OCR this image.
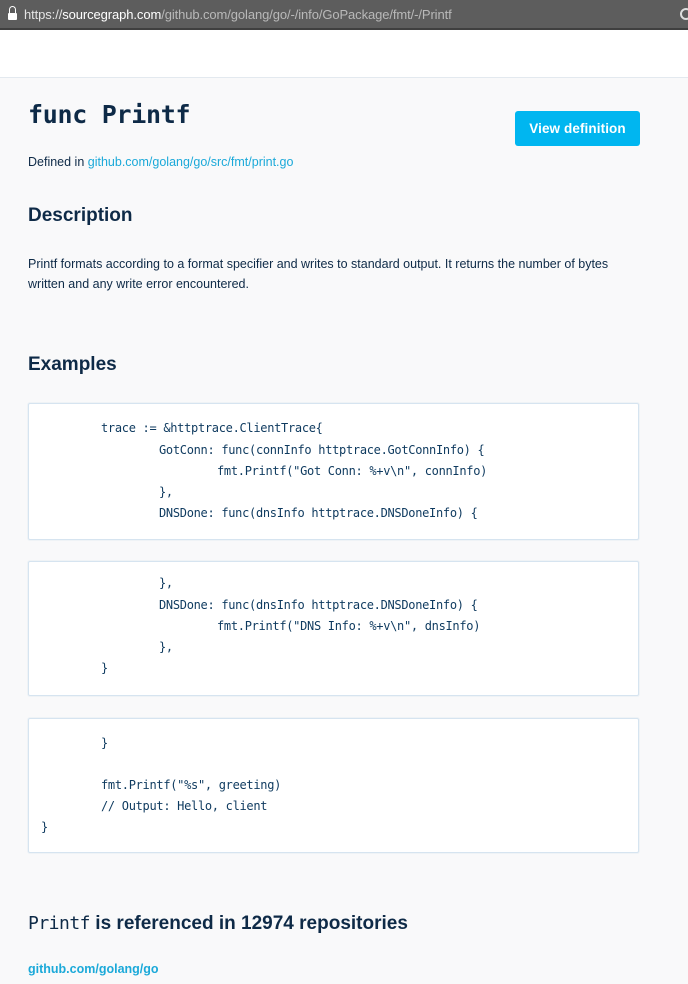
https://sourcegraph.com/github.com/golang/go/-/info/GoPackage/fmt/-/Printf
func Printf	View definition
Defined in github.com/golang/go/src/fmt/print.go
Description

Printf formats according to a format specifier and writes to standard output. It returns the number of bytes written and any write error encountered.

Examples
trace := &httptrace.ClientTrace{
GotConn: func(connInfo httptrace.GotConnInfo) {
fmt.Printf("Got Conn: %+v\n", connInfo)
},
DNSDone: func(dnsInfo httptrace.DNSDoneInfo) {
},
DNSDone: func(dnsInfo httptrace.DNSDoneInfo) {
fmt.Printf("DNS Info: %+v\n", dnsInfo)
},
}
}
fmt.Printf("%s", greeting)
// Output: Hello, client
}
Printf is referenced in 12974 repositories
github.com/golang/go
